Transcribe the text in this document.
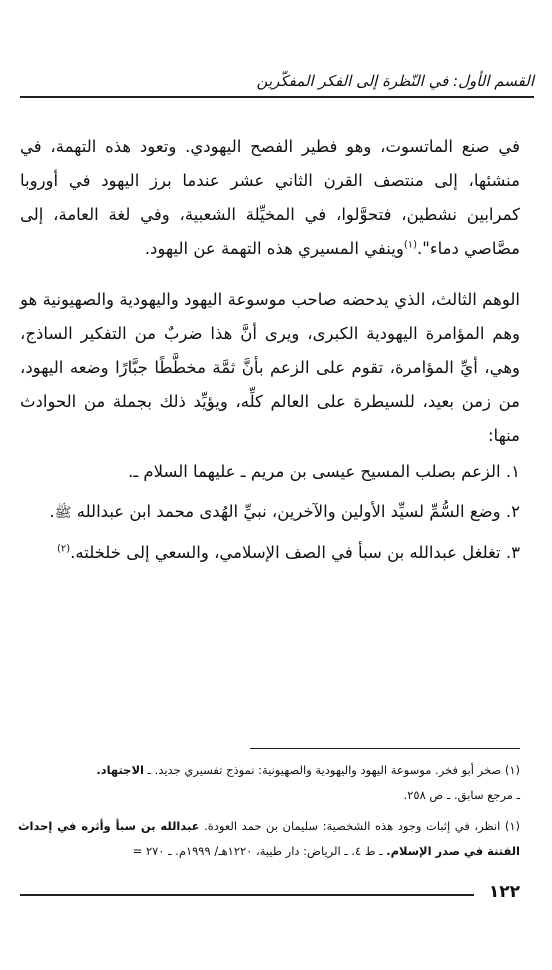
القسم الأول: في النّظرة إلى الفكر المفكّرين

في صنع الماتسوت، وهو فطير الفصح اليهودي. وتعود هذه التهمة، في منشئها، إلى منتصف القرن الثاني عشر عندما برز اليهود في أوروبا كمرابين نشطين، فتحوَّلوا، في المخيِّلة الشعبية، وفي لغة العامة، إلى مصَّاصي دماء".$^{(١)}$وينفي المسيري هذه التهمة عن اليهود.

الوهم الثالث، الذي يدحضه صاحب موسوعة اليهود واليهودية والصهيونية هو وهم المؤامرة اليهودية الكبرى، ويرى أنَّ هذا ضربٌ من التفكير الساذج، وهي، أيِّ المؤامرة، تقوم على الزعم بأنَّ ثمَّة مخطَّطًا جبَّارًا وضعه اليهود، من زمن بعيد، للسيطرة على العالم كلِّه، ويؤيِّد ذلك بجملة من الحوادث منها:

١. الزعم بصلب المسيح عيسى بن مريم ـ عليهما السلام ـ.

٢. وضع السُّمِّ لسيِّد الأولين والآخرين، نبيِّ الهُدى محمد ابن عبدالله ﷺ.

٣. تغلغل عبدالله بن سبأ في الصف الإسلامي، والسعي إلى خلخلته.$^{(٢)}$

(١) صخر أبو فخر. موسوعة اليهود واليهودية والصهيونية: نموذج تفسيري جديد. ـ الاجتهاد.
ـ مرجع سابق. ـ ص ٢٥٨.

(١) انظر، في إثبات وجود هذه الشخصية: سليمان بن حمد العودة. عبدالله بن سبأ وأثره في إحداث الفتنة في صدر الإسلام. ـ ط ٤. ـ الرياض: دار طيبة، ١٢٢٠هـ/ ١٩٩٩م. ـ ٢٧٠ =

١٢٢
